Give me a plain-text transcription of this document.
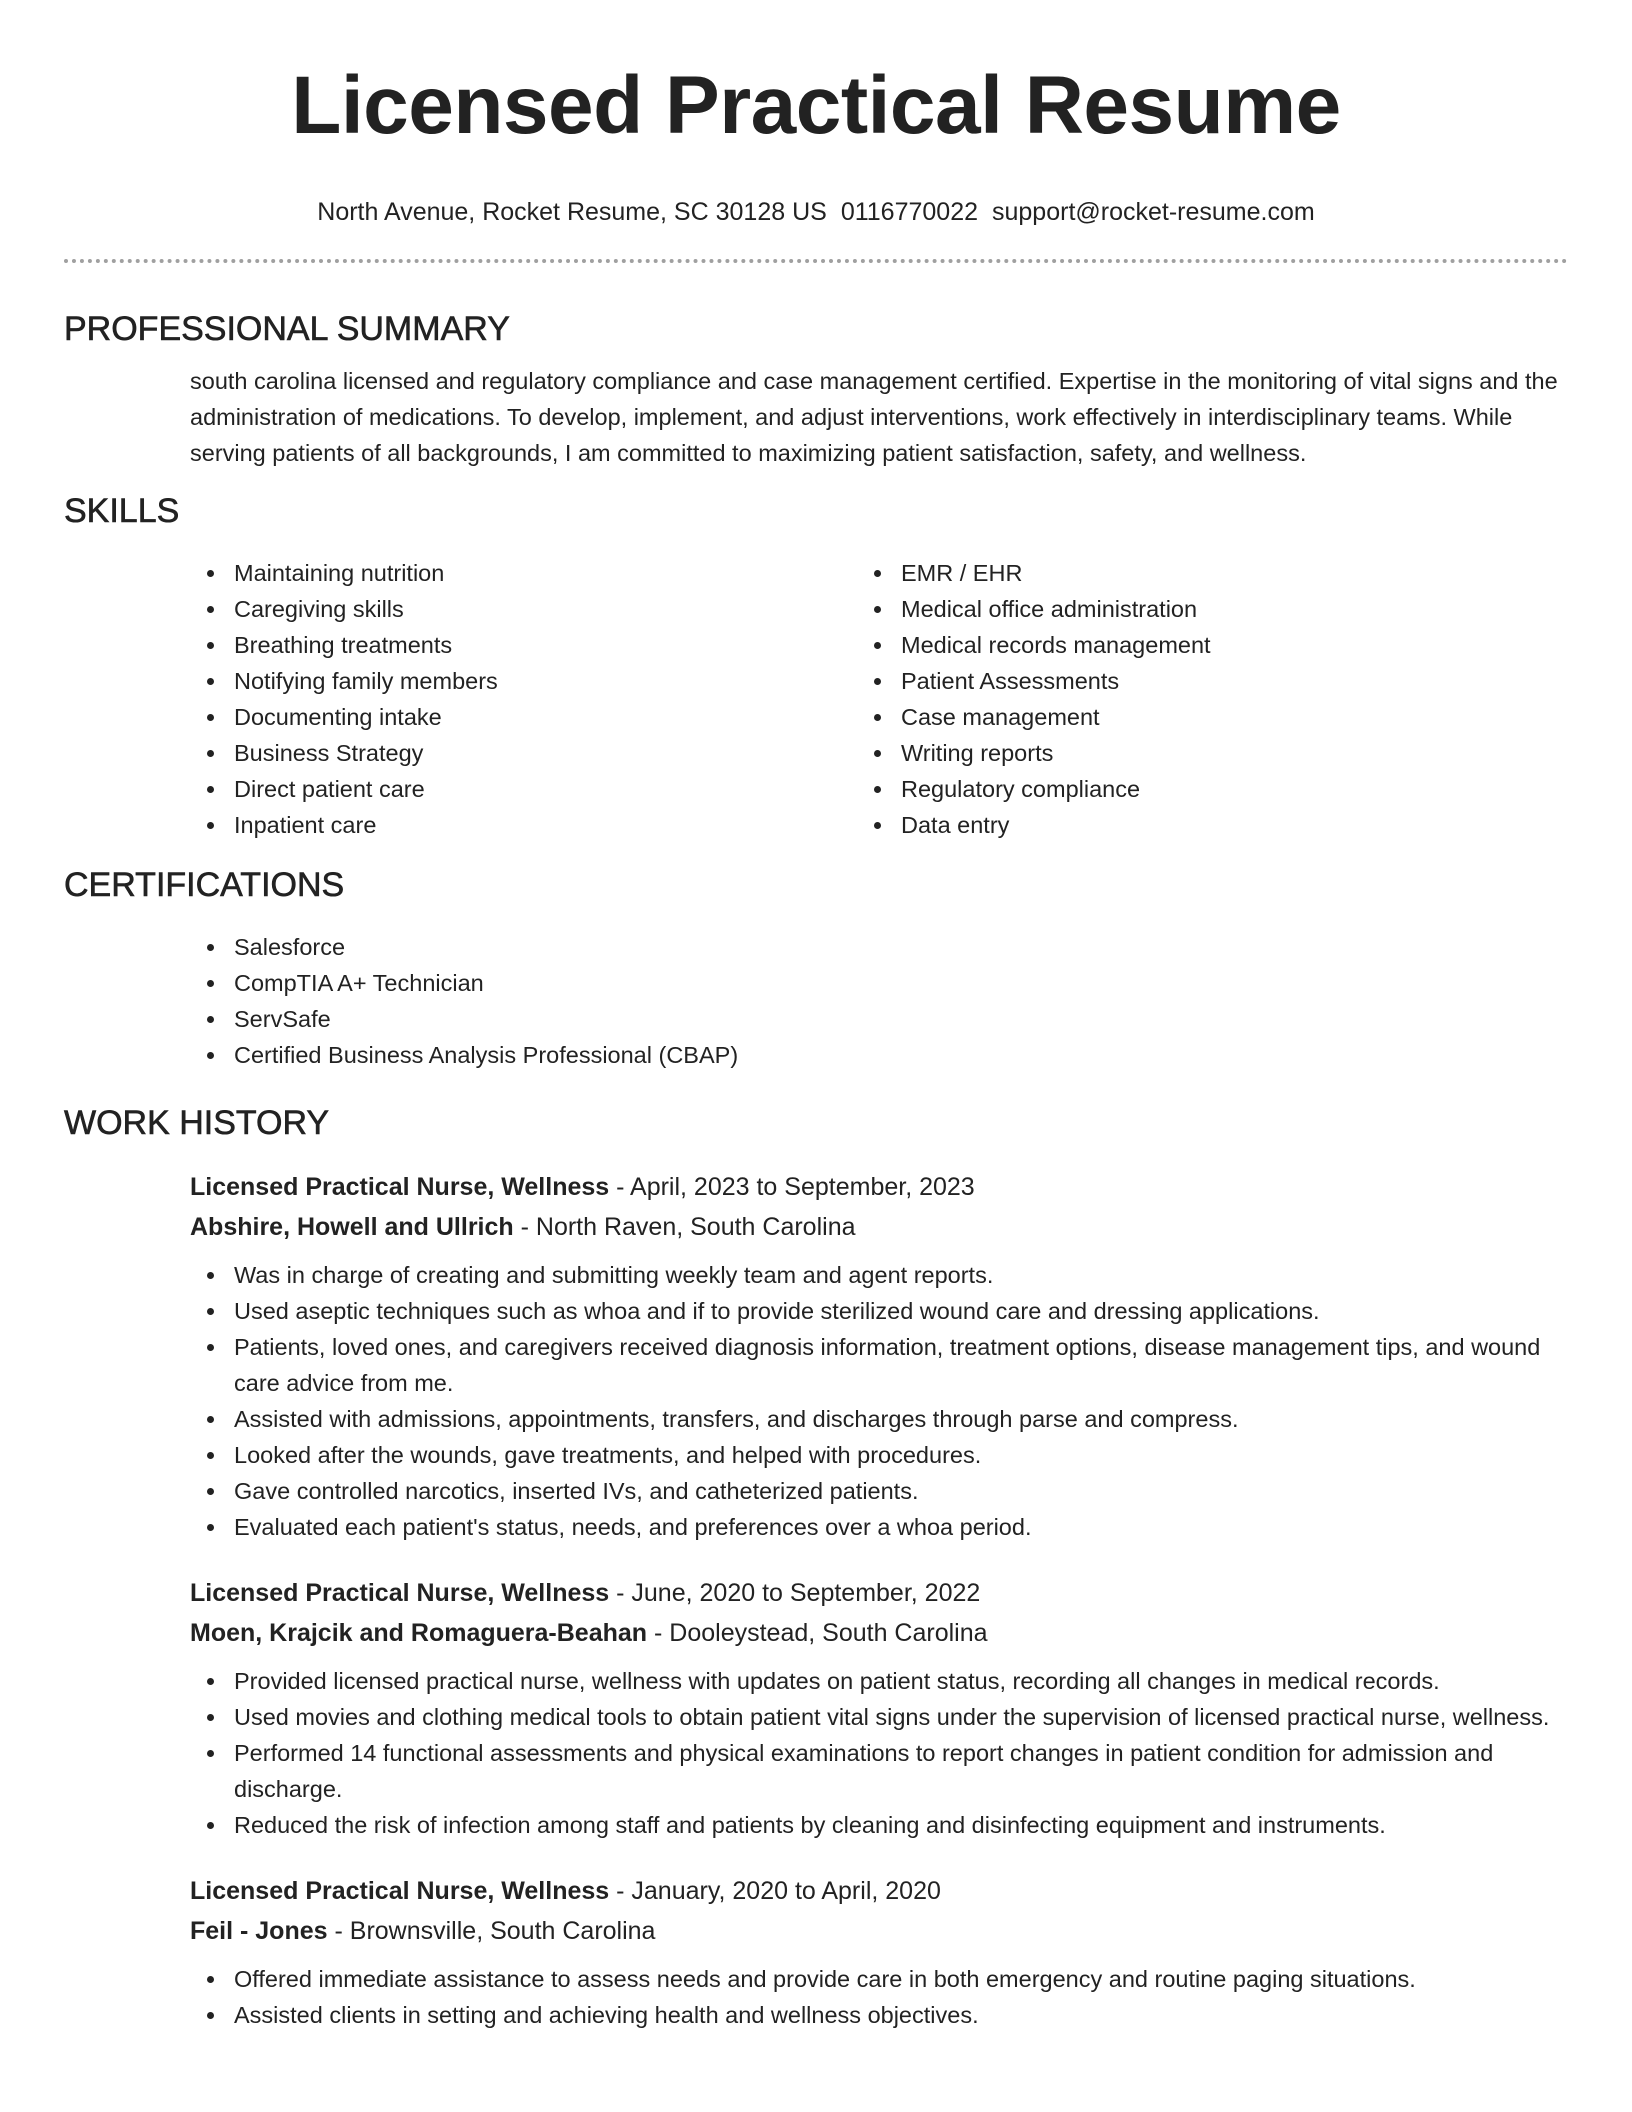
Licensed Practical Resume
North Avenue, Rocket Resume, SC 30128 US 0116770022 support@rocket-resume.com
PROFESSIONAL SUMMARY

south carolina licensed and regulatory compliance and case management certified. Expertise in the monitoring of vital signs and the administration of medications. To develop, implement, and adjust interventions, work effectively in interdisciplinary teams. While serving patients of all backgrounds, I am committed to maximizing patient satisfaction, safety, and wellness.

SKILLS
Maintaining nutrition
Caregiving skills
Breathing treatments
Notifying family members
Documenting intake
Business Strategy
Direct patient care
Inpatient care
EMR / EHR
Medical office administration
Medical records management
Patient Assessments
Case management
Writing reports
Regulatory compliance
Data entry
CERTIFICATIONS
Salesforce
CompTIA A+ Technician
ServSafe
Certified Business Analysis Professional (CBAP)
WORK HISTORY
Licensed Practical Nurse, Wellness - April, 2023 to September, 2023
Abshire, Howell and Ullrich - North Raven, South Carolina
Was in charge of creating and submitting weekly team and agent reports.
Used aseptic techniques such as whoa and if to provide sterilized wound care and dressing applications.
Patients, loved ones, and caregivers received diagnosis information, treatment options, disease management tips, and wound care advice from me.
Assisted with admissions, appointments, transfers, and discharges through parse and compress.
Looked after the wounds, gave treatments, and helped with procedures.
Gave controlled narcotics, inserted IVs, and catheterized patients.
Evaluated each patient's status, needs, and preferences over a whoa period.
Licensed Practical Nurse, Wellness - June, 2020 to September, 2022
Moen, Krajcik and Romaguera-Beahan - Dooleystead, South Carolina
Provided licensed practical nurse, wellness with updates on patient status, recording all changes in medical records.
Used movies and clothing medical tools to obtain patient vital signs under the supervision of licensed practical nurse, wellness.
Performed 14 functional assessments and physical examinations to report changes in patient condition for admission and discharge.
Reduced the risk of infection among staff and patients by cleaning and disinfecting equipment and instruments.
Licensed Practical Nurse, Wellness - January, 2020 to April, 2020
Feil - Jones - Brownsville, South Carolina
Offered immediate assistance to assess needs and provide care in both emergency and routine paging situations.
Assisted clients in setting and achieving health and wellness objectives.
